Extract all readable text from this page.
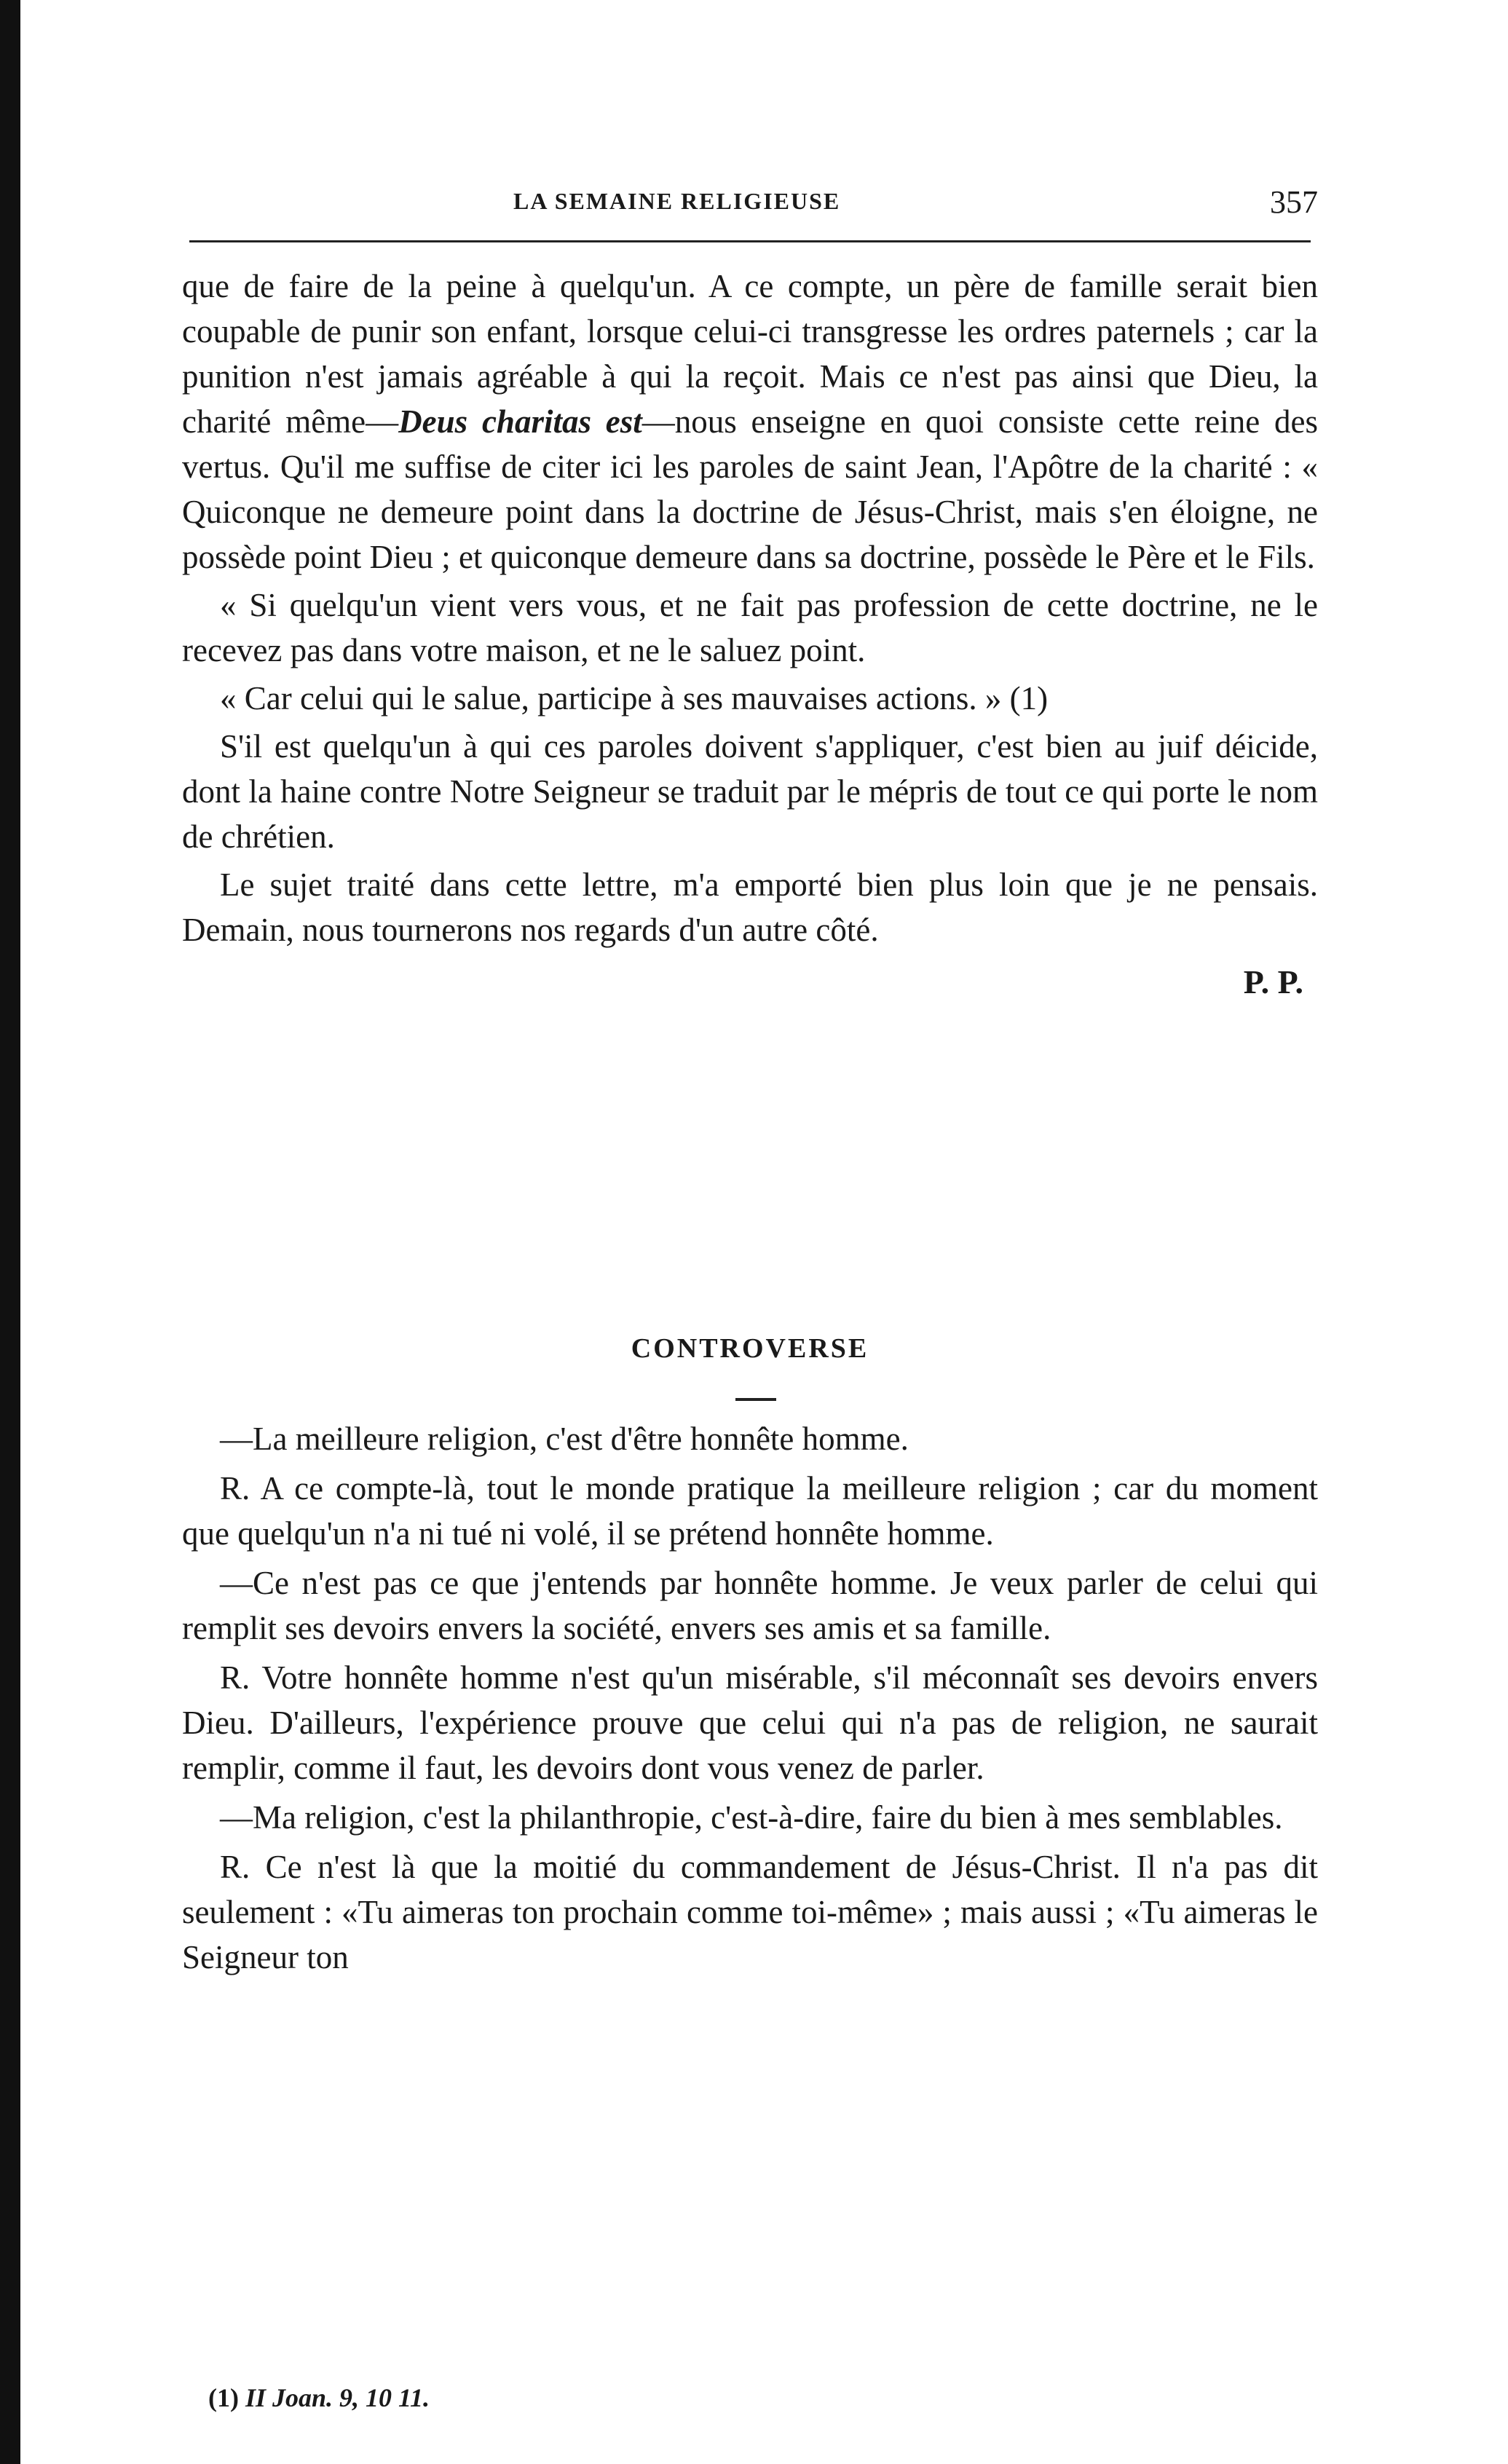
LA SEMAINE RELIGIEUSE	357

que de faire de la peine à quelqu'un. A ce compte, un père de famille serait bien coupable de punir son enfant, lorsque celui-ci transgresse les ordres paternels ; car la punition n'est jamais agréable à qui la reçoit. Mais ce n'est pas ainsi que Dieu, la charité même—Deus charitas est—nous enseigne en quoi consiste cette reine des vertus. Qu'il me suffise de citer ici les paroles de saint Jean, l'Apôtre de la charité : « Quiconque ne demeure point dans la doctrine de Jésus-Christ, mais s'en éloigne, ne possède point Dieu ; et quiconque demeure dans sa doctrine, possède le Père et le Fils.

« Si quelqu'un vient vers vous, et ne fait pas profession de cette doctrine, ne le recevez pas dans votre maison, et ne le saluez point.

« Car celui qui le salue, participe à ses mauvaises actions. » (1)

S'il est quelqu'un à qui ces paroles doivent s'appliquer, c'est bien au juif déicide, dont la haine contre Notre Seigneur se traduit par le mépris de tout ce qui porte le nom de chrétien.

Le sujet traité dans cette lettre, m'a emporté bien plus loin que je ne pensais. Demain, nous tournerons nos regards d'un autre côté.

P. P.

CONTROVERSE

—La meilleure religion, c'est d'être honnête homme.

R. A ce compte-là, tout le monde pratique la meilleure religion ; car du moment que quelqu'un n'a ni tué ni volé, il se prétend honnête homme.

—Ce n'est pas ce que j'entends par honnête homme. Je veux parler de celui qui remplit ses devoirs envers la société, envers ses amis et sa famille.

R. Votre honnête homme n'est qu'un misérable, s'il méconnaît ses devoirs envers Dieu. D'ailleurs, l'expérience prouve que celui qui n'a pas de religion, ne saurait remplir, comme il faut, les devoirs dont vous venez de parler.

—Ma religion, c'est la philanthropie, c'est-à-dire, faire du bien à mes semblables.

R. Ce n'est là que la moitié du commandement de Jésus-Christ. Il n'a pas dit seulement : «Tu aimeras ton prochain comme toi-même» ; mais aussi ; «Tu aimeras le Seigneur ton

(1) II Joan. 9, 10 11.
